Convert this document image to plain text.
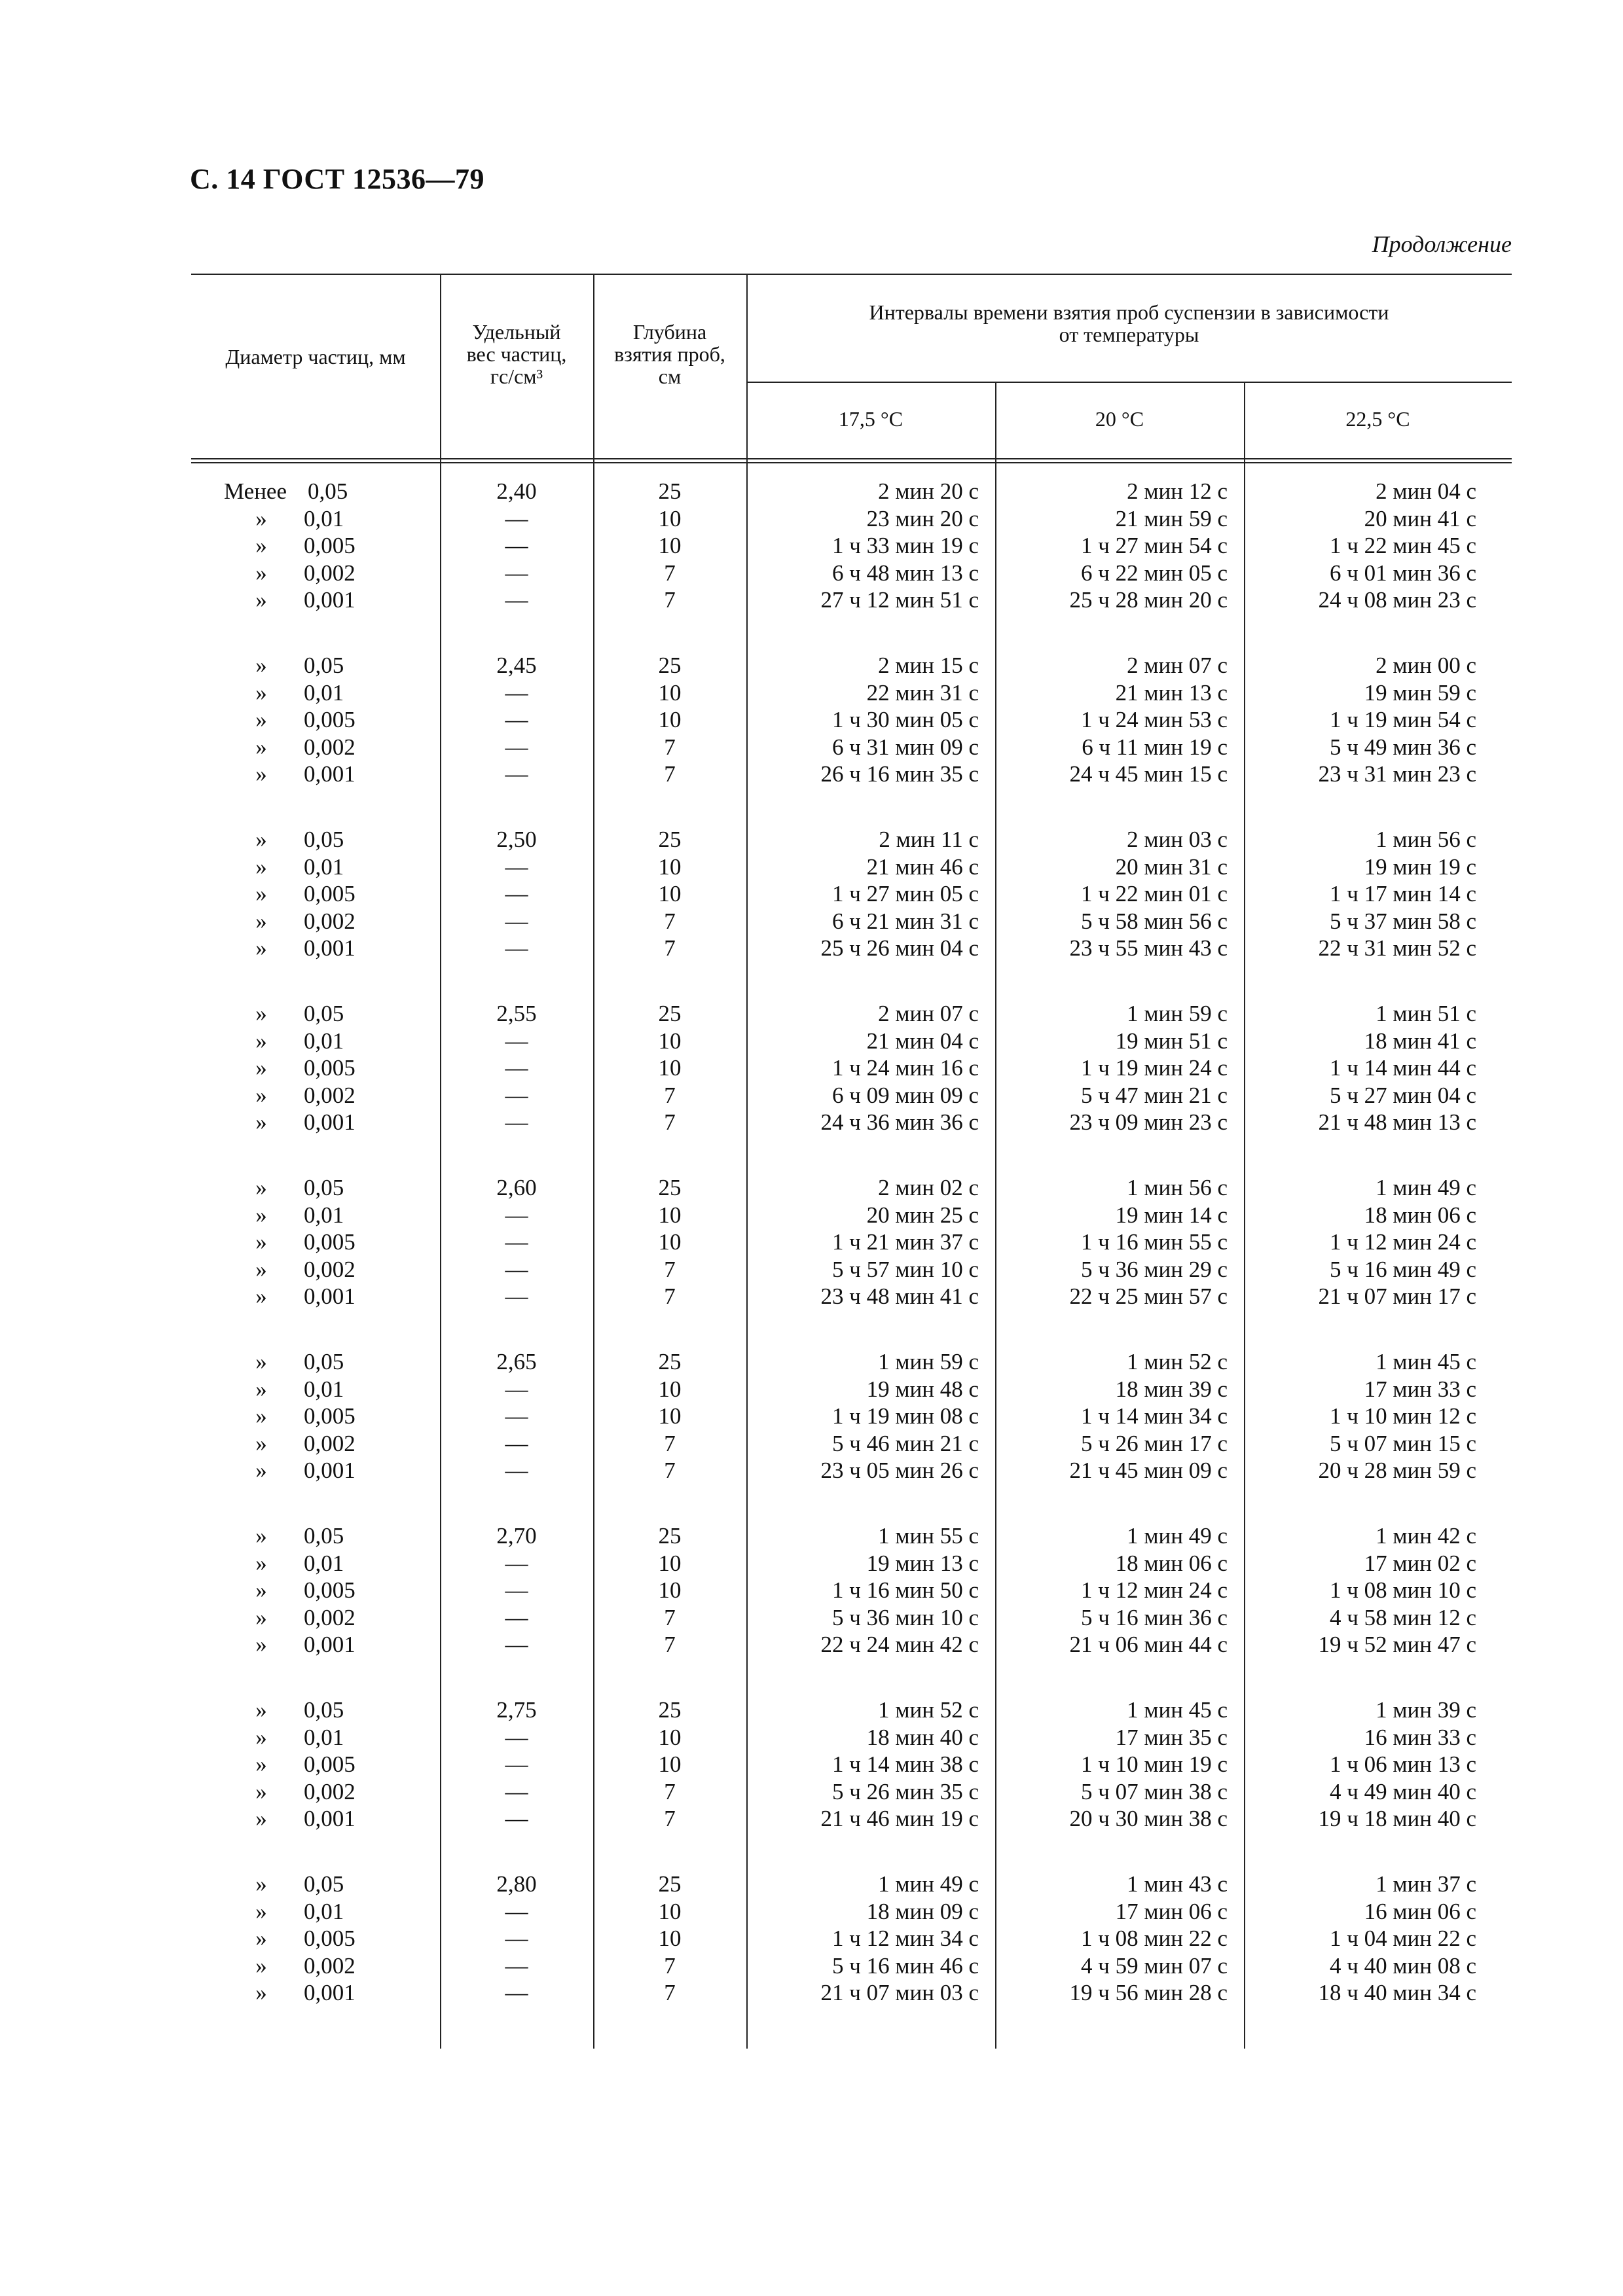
С. 14 ГОСТ 12536—79
Продолжение
Диаметр частиц, мм
Удельный
вес частиц,
гс/см³
Глубина
взятия проб,
см
Интервалы времени взятия проб суспензии в зависимости
от температуры
17,5 °С	20 °С	22,5 °С
Менее 0,05	2,40	25	2 мин 20 с	2 мин 12 с	2 мин 04 с
» 0,01	—	10	23 мин 20 с	21 мин 59 с	20 мин 41 с
» 0,005	—	10	1 ч 33 мин 19 с	1 ч 27 мин 54 с	1 ч 22 мин 45 с
» 0,002	—	7	6 ч 48 мин 13 с	6 ч 22 мин 05 с	6 ч 01 мин 36 с
» 0,001	—	7	27 ч 12 мин 51 с	25 ч 28 мин 20 с	24 ч 08 мин 23 с
» 0,05	2,45	25	2 мин 15 с	2 мин 07 с	2 мин 00 с
» 0,01	—	10	22 мин 31 с	21 мин 13 с	19 мин 59 с
» 0,005	—	10	1 ч 30 мин 05 с	1 ч 24 мин 53 с	1 ч 19 мин 54 с
» 0,002	—	7	6 ч 31 мин 09 с	6 ч 11 мин 19 с	5 ч 49 мин 36 с
» 0,001	—	7	26 ч 16 мин 35 с	24 ч 45 мин 15 с	23 ч 31 мин 23 с
» 0,05	2,50	25	2 мин 11 с	2 мин 03 с	1 мин 56 с
» 0,01	—	10	21 мин 46 с	20 мин 31 с	19 мин 19 с
» 0,005	—	10	1 ч 27 мин 05 с	1 ч 22 мин 01 с	1 ч 17 мин 14 с
» 0,002	—	7	6 ч 21 мин 31 с	5 ч 58 мин 56 с	5 ч 37 мин 58 с
» 0,001	—	7	25 ч 26 мин 04 с	23 ч 55 мин 43 с	22 ч 31 мин 52 с
» 0,05	2,55	25	2 мин 07 с	1 мин 59 с	1 мин 51 с
» 0,01	—	10	21 мин 04 с	19 мин 51 с	18 мин 41 с
» 0,005	—	10	1 ч 24 мин 16 с	1 ч 19 мин 24 с	1 ч 14 мин 44 с
» 0,002	—	7	6 ч 09 мин 09 с	5 ч 47 мин 21 с	5 ч 27 мин 04 с
» 0,001	—	7	24 ч 36 мин 36 с	23 ч 09 мин 23 с	21 ч 48 мин 13 с
» 0,05	2,60	25	2 мин 02 с	1 мин 56 с	1 мин 49 с
» 0,01	—	10	20 мин 25 с	19 мин 14 с	18 мин 06 с
» 0,005	—	10	1 ч 21 мин 37 с	1 ч 16 мин 55 с	1 ч 12 мин 24 с
» 0,002	—	7	5 ч 57 мин 10 с	5 ч 36 мин 29 с	5 ч 16 мин 49 с
» 0,001	—	7	23 ч 48 мин 41 с	22 ч 25 мин 57 с	21 ч 07 мин 17 с
» 0,05	2,65	25	1 мин 59 с	1 мин 52 с	1 мин 45 с
» 0,01	—	10	19 мин 48 с	18 мин 39 с	17 мин 33 с
» 0,005	—	10	1 ч 19 мин 08 с	1 ч 14 мин 34 с	1 ч 10 мин 12 с
» 0,002	—	7	5 ч 46 мин 21 с	5 ч 26 мин 17 с	5 ч 07 мин 15 с
» 0,001	—	7	23 ч 05 мин 26 с	21 ч 45 мин 09 с	20 ч 28 мин 59 с
» 0,05	2,70	25	1 мин 55 с	1 мин 49 с	1 мин 42 с
» 0,01	—	10	19 мин 13 с	18 мин 06 с	17 мин 02 с
» 0,005	—	10	1 ч 16 мин 50 с	1 ч 12 мин 24 с	1 ч 08 мин 10 с
» 0,002	—	7	5 ч 36 мин 10 с	5 ч 16 мин 36 с	4 ч 58 мин 12 с
» 0,001	—	7	22 ч 24 мин 42 с	21 ч 06 мин 44 с	19 ч 52 мин 47 с
» 0,05	2,75	25	1 мин 52 с	1 мин 45 с	1 мин 39 с
» 0,01	—	10	18 мин 40 с	17 мин 35 с	16 мин 33 с
» 0,005	—	10	1 ч 14 мин 38 с	1 ч 10 мин 19 с	1 ч 06 мин 13 с
» 0,002	—	7	5 ч 26 мин 35 с	5 ч 07 мин 38 с	4 ч 49 мин 40 с
» 0,001	—	7	21 ч 46 мин 19 с	20 ч 30 мин 38 с	19 ч 18 мин 40 с
» 0,05	2,80	25	1 мин 49 с	1 мин 43 с	1 мин 37 с
» 0,01	—	10	18 мин 09 с	17 мин 06 с	16 мин 06 с
» 0,005	—	10	1 ч 12 мин 34 с	1 ч 08 мин 22 с	1 ч 04 мин 22 с
» 0,002	—	7	5 ч 16 мин 46 с	4 ч 59 мин 07 с	4 ч 40 мин 08 с
» 0,001	—	7	21 ч 07 мин 03 с	19 ч 56 мин 28 с	18 ч 40 мин 34 с
